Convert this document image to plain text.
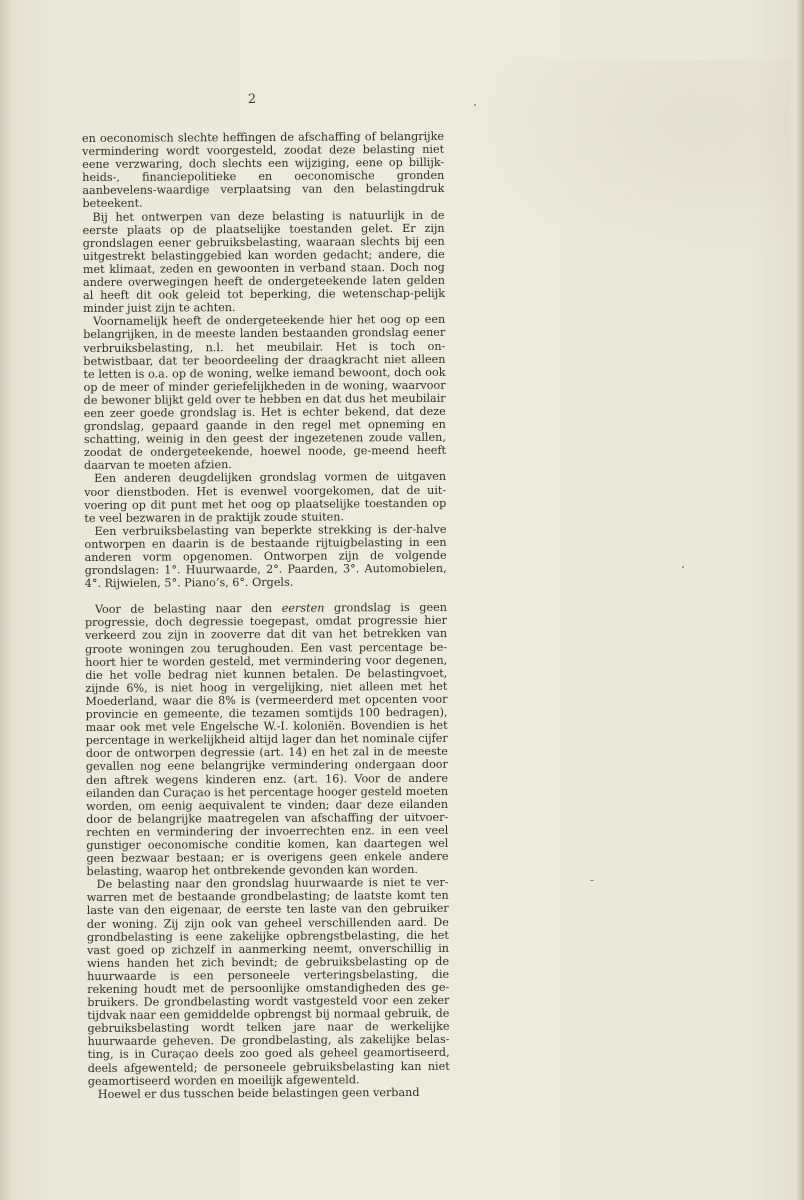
2

en oeconomisch slechte heffingen de afschaffing of belangrijke vermindering wordt voorgesteld, zoodat deze belasting niet eene verzwaring, doch slechts een wijziging, eene op billijk-heids-, financiepolitieke en oeconomische gronden aanbevelens-waardige verplaatsing van den belastingdruk beteekent.

Bij het ontwerpen van deze belasting is natuurlijk in de eerste plaats op de plaatselijke toestanden gelet. Er zijn grondslagen eener gebruiksbelasting, waaraan slechts bij een uitgestrekt belastinggebied kan worden gedacht; andere, die met klimaat, zeden en gewoonten in verband staan. Doch nog andere overwegingen heeft de ondergeteekende laten gelden al heeft dit ook geleid tot beperking, die wetenschap-pelijk minder juist zijn te achten.

Voornamelijk heeft de ondergeteekende hier het oog op een belangrijken, in de meeste landen bestaanden grondslag eener verbruiksbelasting, n.l. het meubilair. Het is toch on-betwistbaar, dat ter beoordeeling der draagkracht niet alleen te letten is o.a. op de woning, welke iemand bewoont, doch ook op de meer of minder geriefelijkheden in de woning, waarvoor de bewoner blijkt geld over te hebben en dat dus het meubilair een zeer goede grondslag is. Het is echter bekend, dat deze grondslag, gepaard gaande in den regel met opneming en schatting, weinig in den geest der ingezetenen zoude vallen, zoodat de ondergeteekende, hoewel noode, ge-meend heeft daarvan te moeten afzien.

Een anderen deugdelijken grondslag vormen de uitgaven voor dienstboden. Het is evenwel voorgekomen, dat de uit-voering op dit punt met het oog op plaatselijke toestanden op te veel bezwaren in de praktijk zoude stuiten.

Een verbruiksbelasting van beperkte strekking is der-halve ontworpen en daarin is de bestaande rijtuigbelasting in een anderen vorm opgenomen. Ontworpen zijn de volgende grondslagen: 1°. Huurwaarde, 2°. Paarden, 3°. Automobielen, 4°. Rijwielen, 5°. Piano’s, 6°. Orgels.

Voor de belasting naar den eersten grondslag is geen progressie, doch degressie toegepast, omdat progressie hier verkeerd zou zijn in zooverre dat dit van het betrekken van groote woningen zou terughouden. Een vast percentage be-hoort hier te worden gesteld, met vermindering voor degenen, die het volle bedrag niet kunnen betalen. De belastingvoet, zijnde 6%, is niet hoog in vergelijking, niet alleen met het Moederland, waar die 8% is (vermeerderd met opcenten voor provincie en gemeente, die tezamen somtijds 100 bedragen), maar ook met vele Engelsche W.-I. koloniën. Bovendien is het percentage in werkelijkheid altijd lager dan het nominale cijfer door de ontworpen degressie (art. 14) en het zal in de meeste gevallen nog eene belangrijke vermindering ondergaan door den aftrek wegens kinderen enz. (art. 16). Voor de andere eilanden dan Curaçao is het percentage hooger gesteld moeten worden, om eenig aequivalent te vinden; daar deze eilanden door de belangrijke maatregelen van afschaffing der uitvoer-rechten en vermindering der invoerrechten enz. in een veel gunstiger oeconomische conditie komen, kan daartegen wel geen bezwaar bestaan; er is overigens geen enkele andere belasting, waarop het ontbrekende gevonden kan worden.

De belasting naar den grondslag huurwaarde is niet te ver-warren met de bestaande grondbelasting; de laatste komt ten laste van den eigenaar, de eerste ten laste van den gebruiker der woning. Zij zijn ook van geheel verschillenden aard. De grondbelasting is eene zakelijke opbrengstbelasting, die het vast goed op zichzelf in aanmerking neemt, onverschillig in wiens handen het zich bevindt; de gebruiksbelasting op de huurwaarde is een personeele verteringsbelasting, die rekening houdt met de persoonlijke omstandigheden des ge-bruikers. De grondbelasting wordt vastgesteld voor een zeker tijdvak naar een gemiddelde opbrengst bij normaal gebruik, de gebruiksbelasting wordt telken jare naar de werkelijke huurwaarde geheven. De grondbelasting, als zakelijke belas-ting, is in Curaçao deels zoo goed als geheel geamortiseerd, deels afgewenteld; de personeele gebruiksbelasting kan niet geamortiseerd worden en moeilijk afgewenteld.

Hoewel er dus tusschen beide belastingen geen verband
